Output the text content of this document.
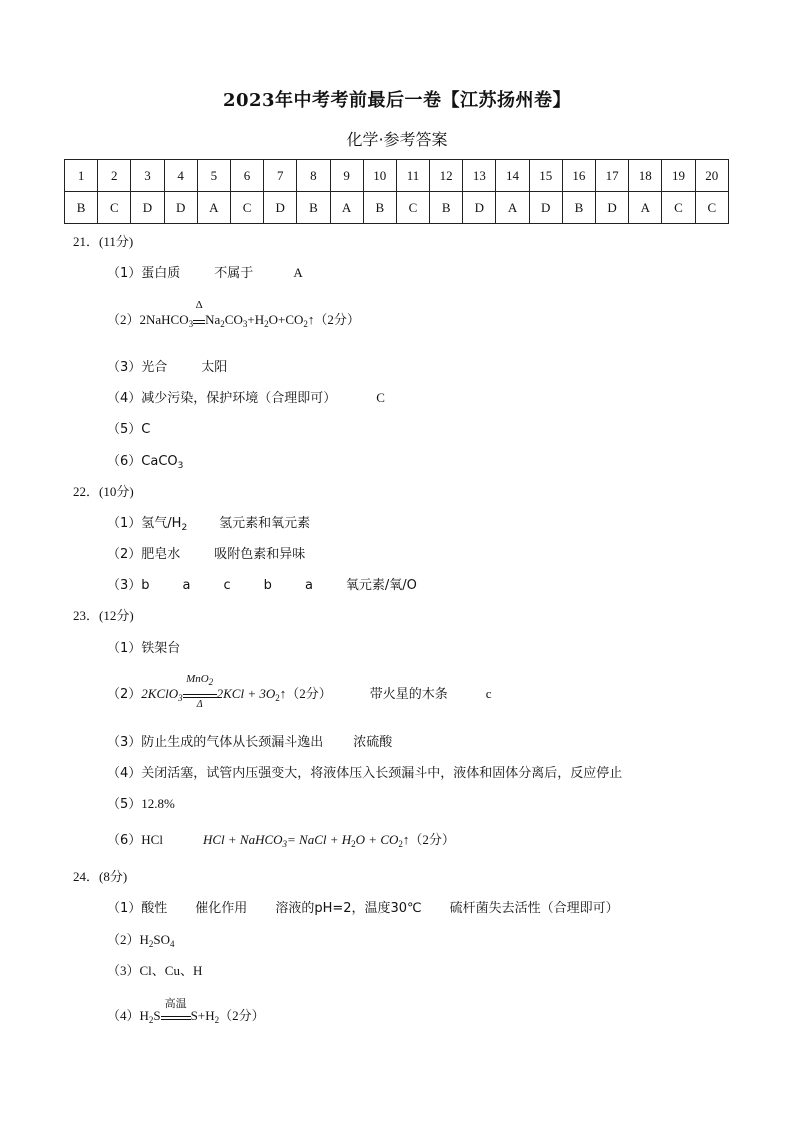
2023年中考考前最后一卷【江苏扬州卷】
化学·参考答案
1	2	3	4	5	6	7	8	9	10	11	12	13	14	15	16	17	18	19	20
B	C	D	D	A	C	D	B	A	B	C	B	D	A	D	B	D	A	C	C
21．(11分)
（1）蛋白质	不属于	A
（2）2NaHCO$_3$
Δ
$Na_2CO_3+H_2O+CO_2↑(2$分）
（3）光合	太阳
（4）减少污染，保护环境（合理即可）	C
（5）C
（6）CaCO$_3$
22．(10分)
（1）氢气$/H_2$ 氢元素和氧元素
（2）肥皂水	吸附色素和异味
（3）b	a	c	b	a	氧元素/氧/O
23．(12分)
（1）铁架台
（2）2KClO$_3$
MnO$_2$
Δ
$2KCl + 3O_2↑(2$分）	带火星的木条	c
（3）防止生成的气体从长颈漏斗逸出 浓硫酸
（4）关闭活塞，试管内压强变大，将液体压入长颈漏斗中，液体和固体分离后，反应停止
（5）12.8%
（6）HCl	HCl + NaHCO$_3$= NaCl + $H_2O$ + $CO_2↑(2$分）
24．(8分)
（1）酸性 催化作用 溶液的pH=2，温度30℃ 硫杆菌失去活性（合理即可）
$(2)H_2SO_4$
（3）Cl、Cu、H
$(4)H_2S$
高温
$S+H_2(2$分）
